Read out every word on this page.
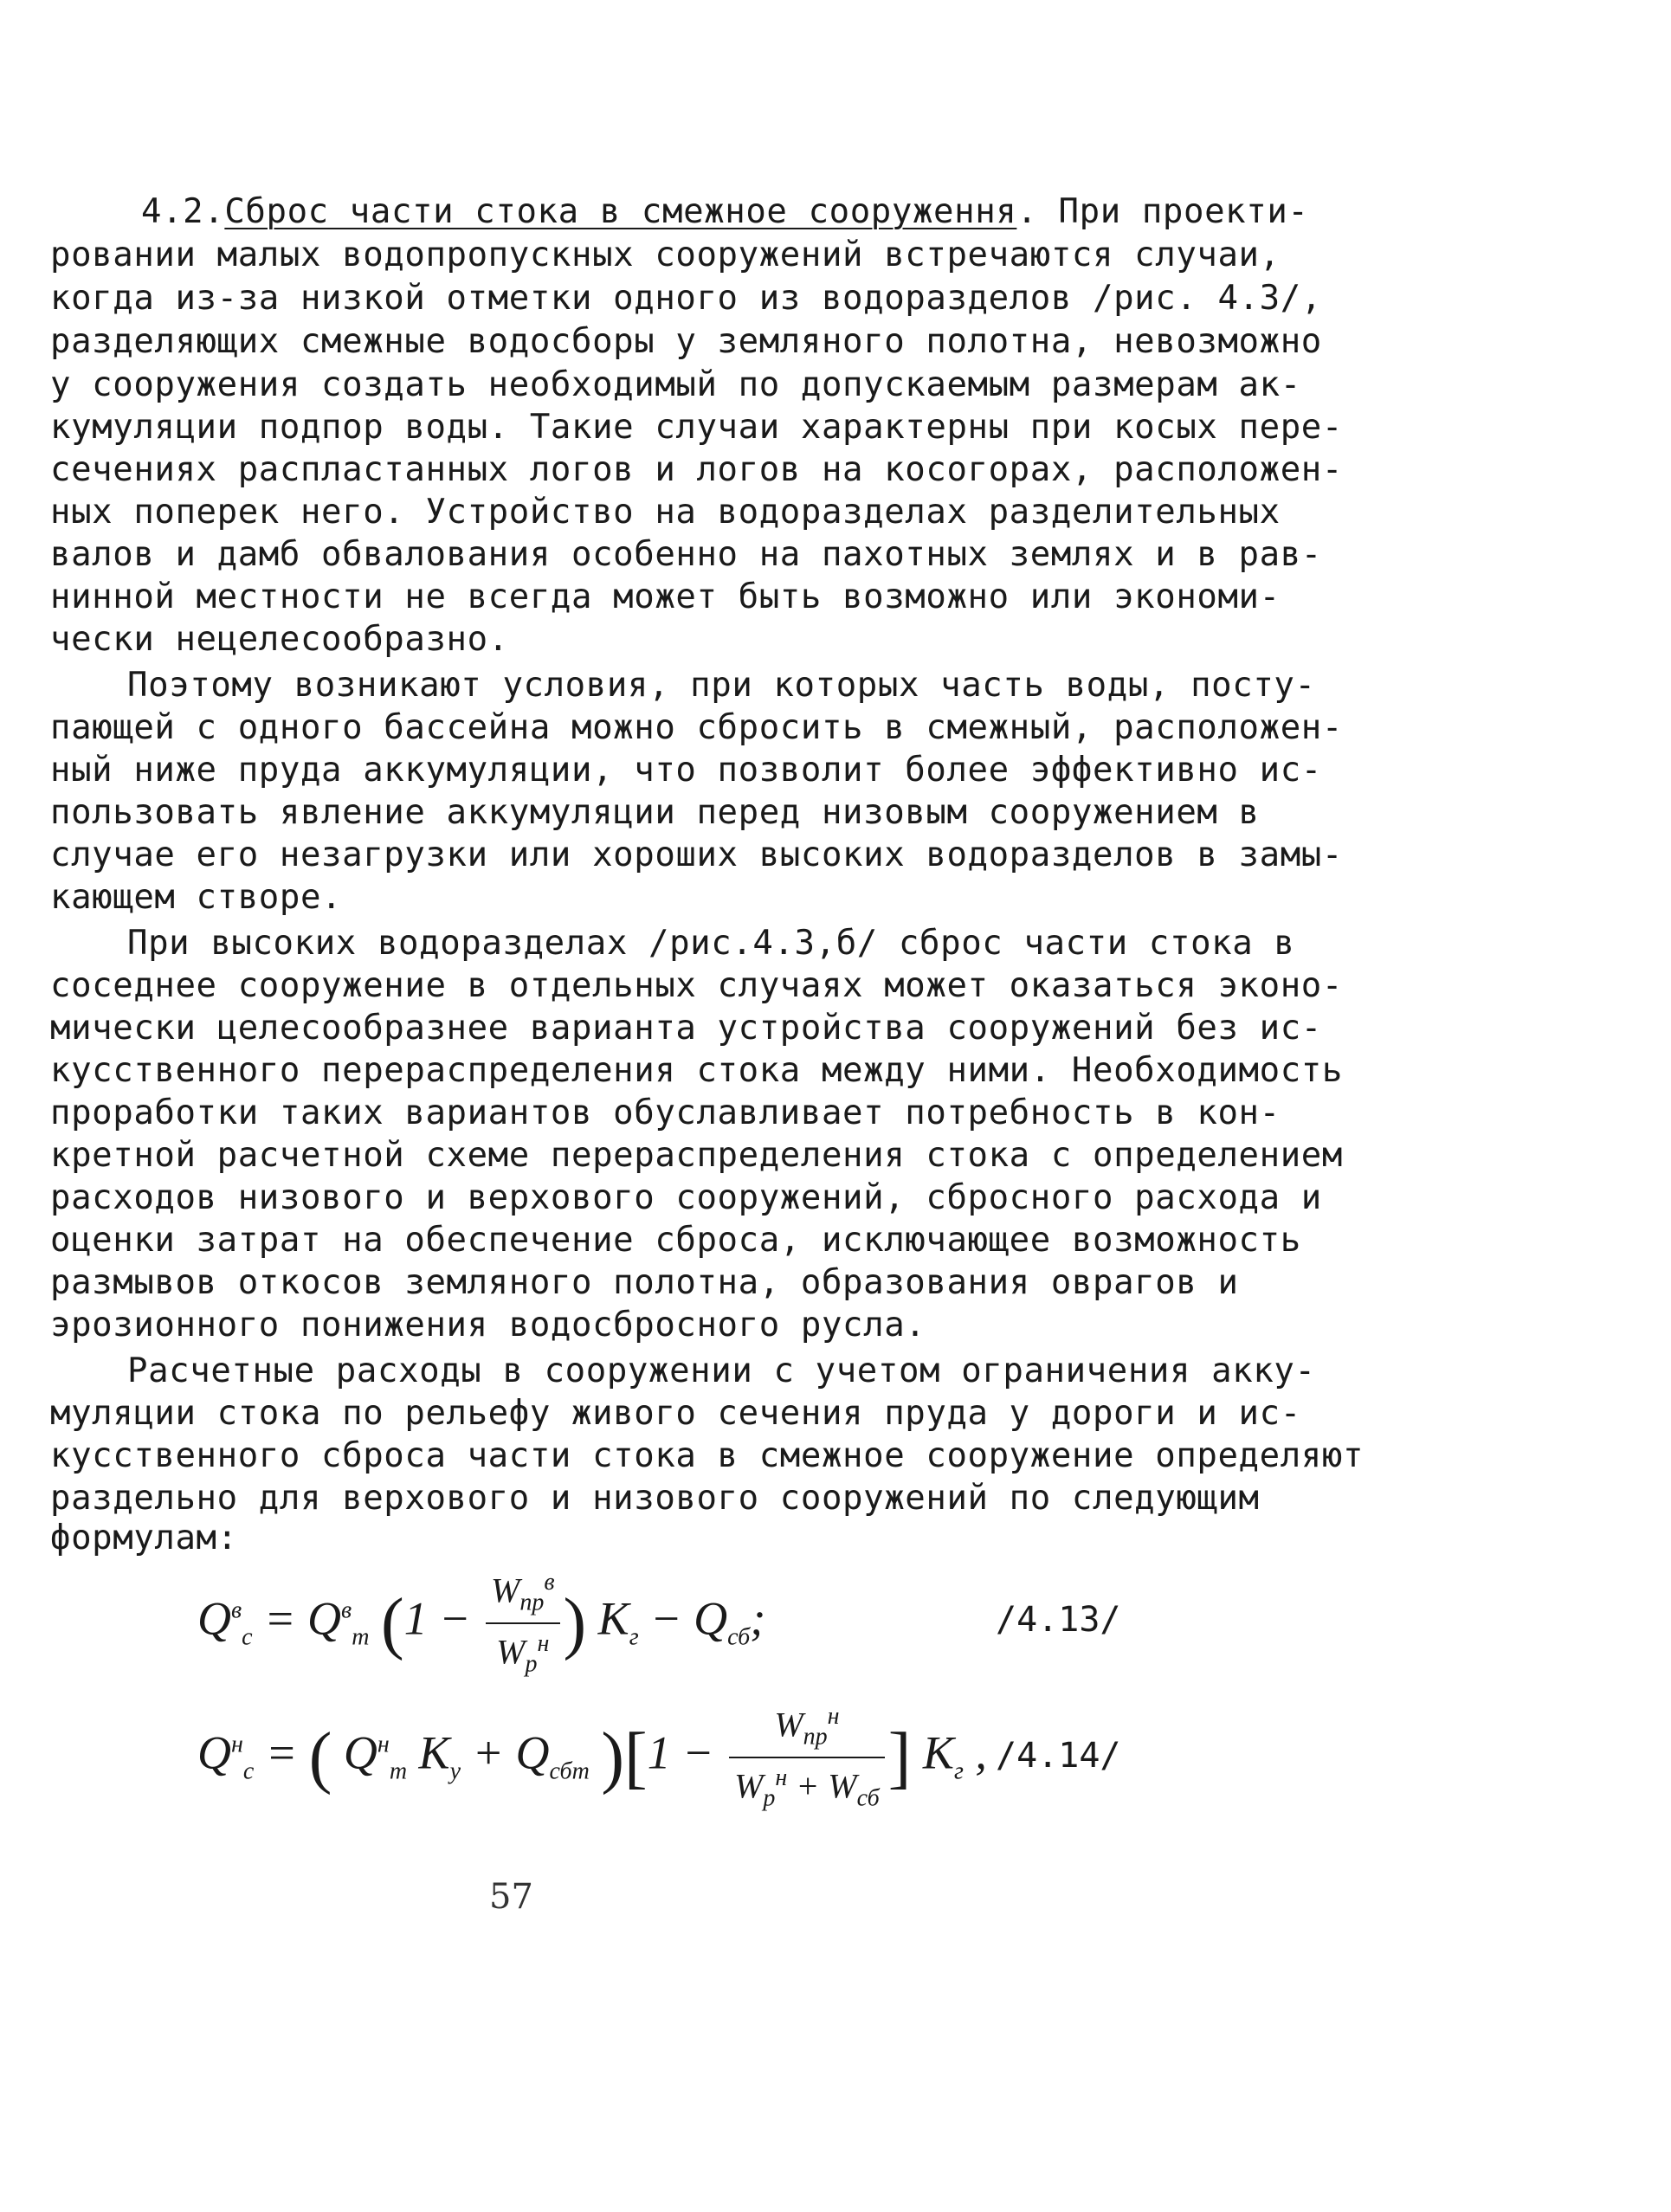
4.2.Сброс части стока в смежное сооруження. При проекти-
ровании малых водопропускных сооружений встречаются случаи,
когда из-за низкой отметки одного из водоразделов /рис. 4.3/,
разделяющих смежные водосборы у земляного полотна, невозможно
у сооружения создать необходимый по допускаемым размерам ак-
кумуляции подпор воды. Такие случаи характерны при косых пере-
сечениях распластанных логов и логов на косогорах, расположен-
ных поперек него. Устройство на водоразделах разделительных
валов и дамб обвалования особенно на пахотных землях и в рав-
нинной местности не всегда может быть возможно или экономи-
чески нецелесообразно.
Поэтому возникают условия, при которых часть воды, посту-
пающей с одного бассейна можно сбросить в смежный, расположен-
ный ниже пруда аккумуляции, что позволит более эффективно ис-
пользовать явление аккумуляции перед низовым сооружением в
случае его незагрузки или хороших высоких водоразделов в замы-
кающем створе.
При высоких водоразделах /рис.4.3,б/ сброс части стока в
соседнее сооружение в отдельных случаях может оказаться эконо-
мически целесообразнее варианта устройства сооружений без ис-
кусственного перераспределения стока между ними. Необходимость
проработки таких вариантов обуславливает потребность в кон-
кретной расчетной схеме перераспределения стока с определением
расходов низового и верхового сооружений, сбросного расхода и
оценки затрат на обеспечение сброса, исключающее возможность
размывов откосов земляного полотна, образования оврагов и
эрозионного понижения водосбросного русла.
Расчетные расходы в сооружении с учетом ограничения акку-
муляции стока по рельефу живого сечения пруда у дороги и ис-
кусственного сброса части стока в смежное сооружение определяют
раздельно для верхового и низового сооружений по следующим
формулам:
$Q^в_с = Q^в_m$ ($1 - \frac{W_{пр}^в}{W_р^н}$ ) $K_г - Q_{сб}$;	/4.13/
$Q^н_с$ = ( $Q^н_m$ $K_у + Q_{сбт}$ )[$1 - \frac{W_{пр}^н}{W_р^н + W_{сб}}$ ] $K_г$ , /4.14/
57
